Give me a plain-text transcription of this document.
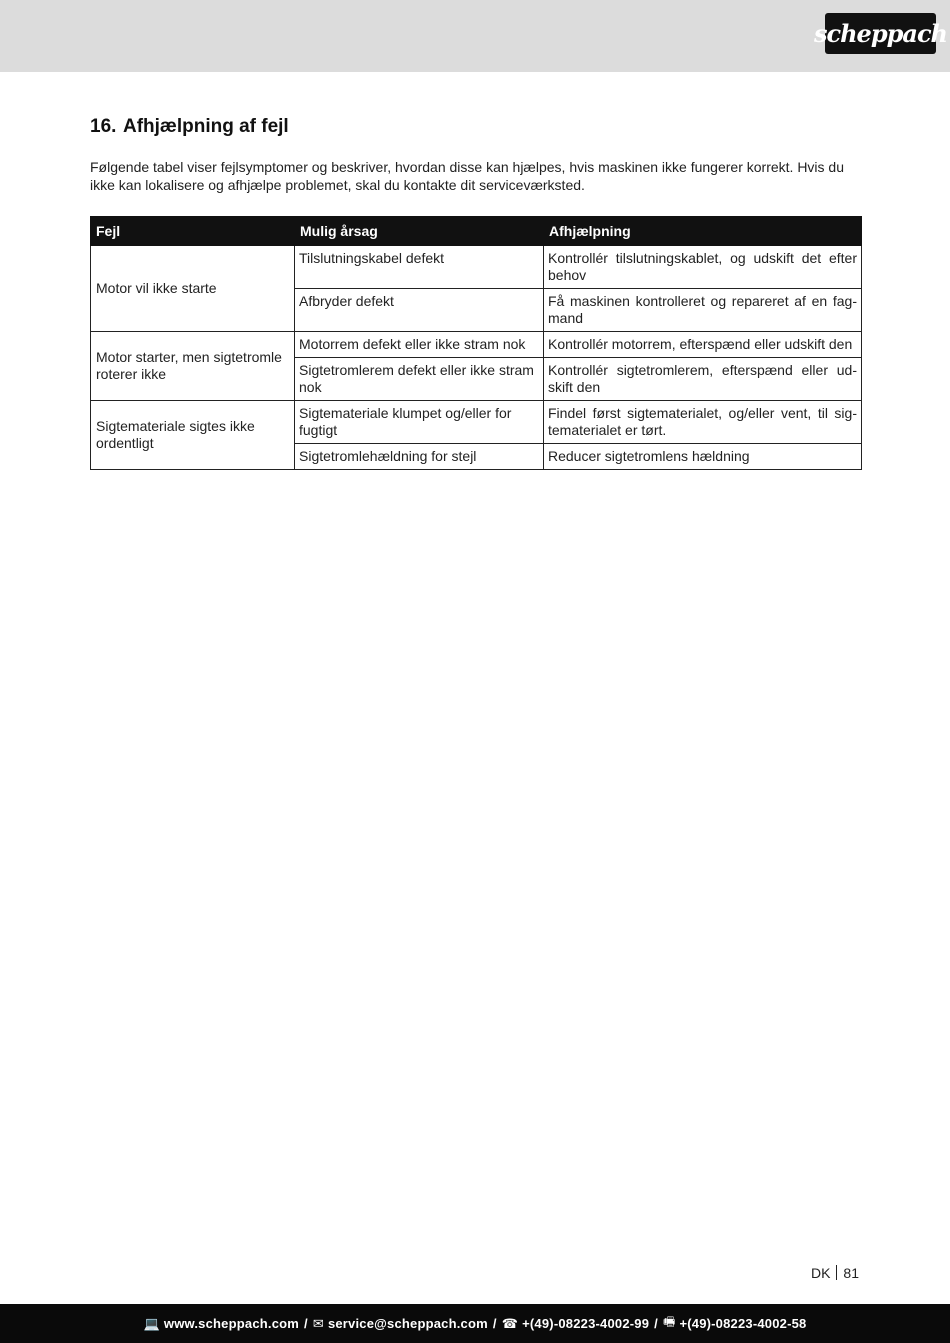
scheppach
16. Afhjælpning af fejl

Følgende tabel viser fejlsymptomer og beskriver, hvordan disse kan hjælpes, hvis maskinen ikke fungerer korrekt. Hvis du ikke kan lokalisere og afhjælpe problemet, skal du kontakte dit serviceværksted.

Fejl	Mulig årsag	Afhjælpning
Motor vil ikke starte	Tilslutningskabel defekt	Kontrollér tilslutningskablet, og udskift det efter behov
	Afbryder defekt	Få maskinen kontrolleret og repareret af en fag-mand
Motor starter, men sigtetromle roterer ikke	Motorrem defekt eller ikke stram nok	Kontrollér motorrem, efterspænd eller udskift den
	Sigtetromlerem defekt eller ikke stram nok	Kontrollér sigtetromlerem, efterspænd eller ud-skift den
Sigtemateriale sigtes ikke ordentligt	Sigtemateriale klumpet og/eller for fugtigt	Findel først sigtematerialet, og/eller vent, til sig-tematerialet er tørt.
	Sigtetromlehældning for stejl	Reducer sigtetromlens hældning
DK 81
💻 www.scheppach.com / ✉ service@scheppach.com / ☎ +(49)-08223-4002-99 / 🖷 +(49)-08223-4002-58
